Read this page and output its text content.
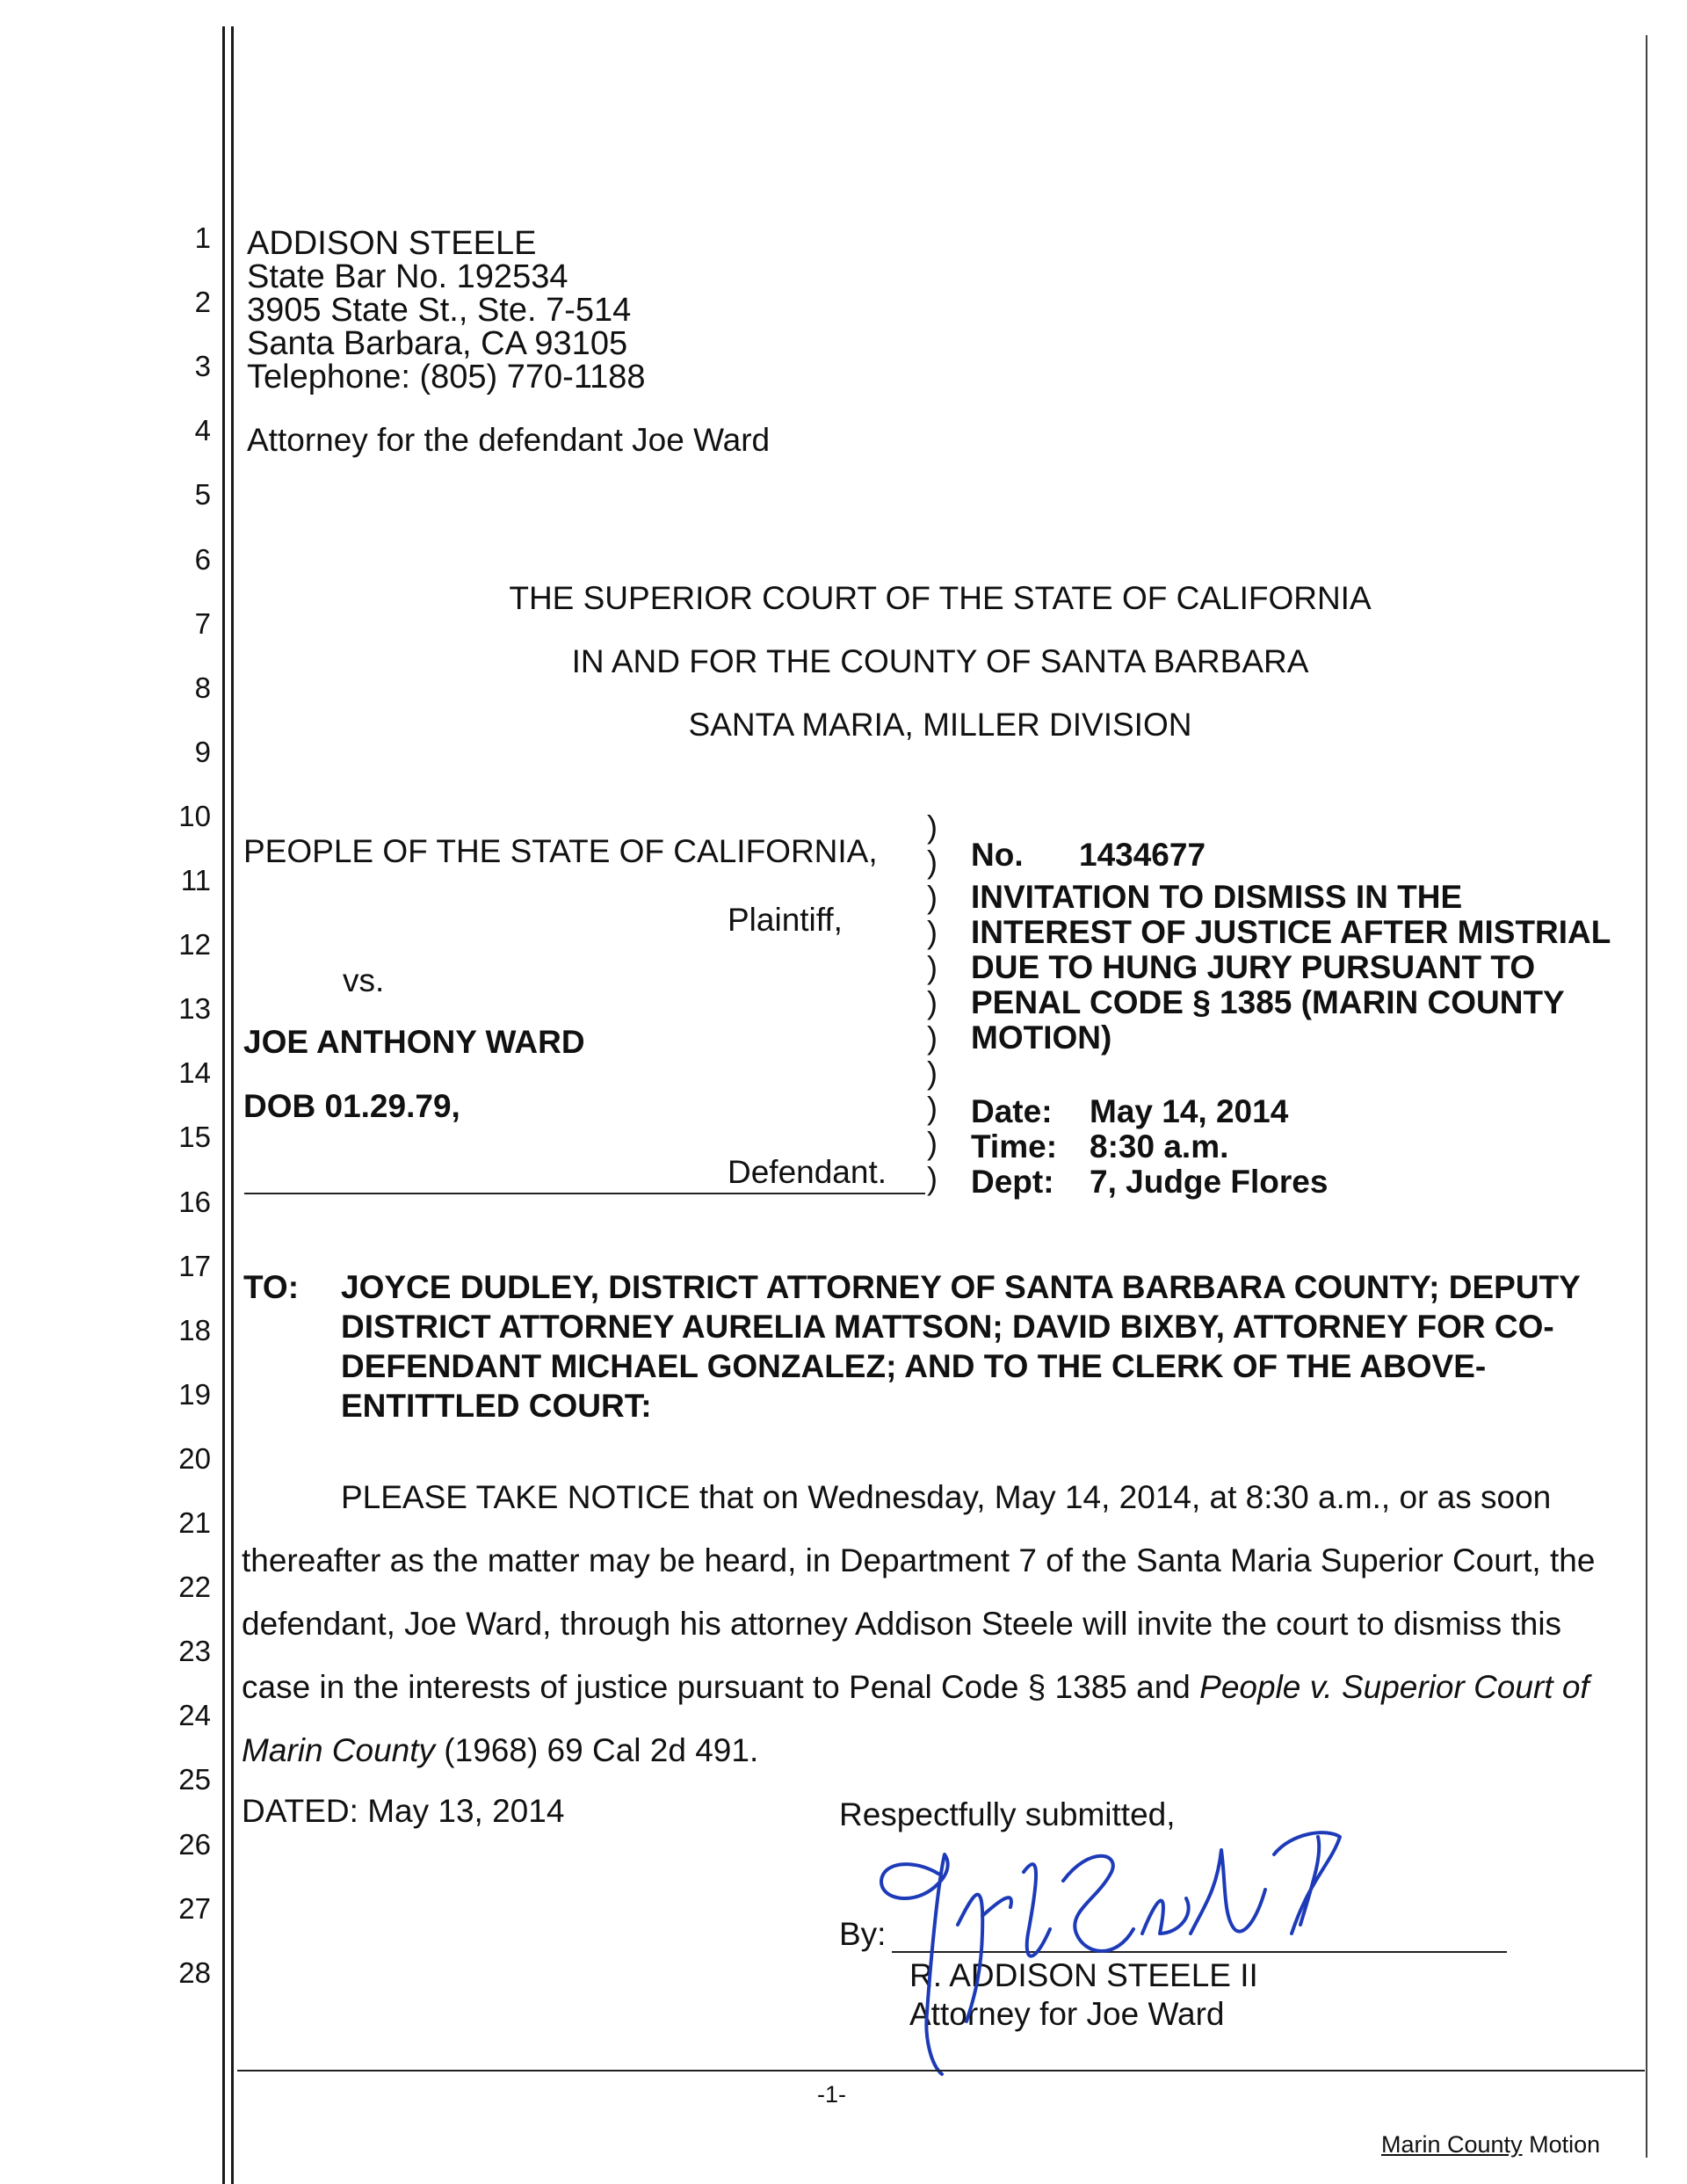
1
2
3
4
5
6
7
8
9
10
11
12
13
14
15
16
17
18
19
20
21
22
23
24
25
26
27
28
ADDISON STEELE
State Bar No. 192534
3905 State St., Ste. 7-514
Santa Barbara, CA 93105
Telephone: (805) 770-1188
Attorney for the defendant Joe Ward
THE SUPERIOR COURT OF THE STATE OF CALIFORNIA
IN AND FOR THE COUNTY OF SANTA BARBARA
SANTA MARIA, MILLER DIVISION
PEOPLE OF THE STATE OF CALIFORNIA,
Plaintiff,
vs.
JOE ANTHONY WARD
DOB 01.29.79,
Defendant.
)
)
)
)
)
)
)
)
)
)
)
No. 1434677
INVITATION TO DISMISS IN THE
INTEREST OF JUSTICE AFTER MISTRIAL
DUE TO HUNG JURY PURSUANT TO
PENAL CODE § 1385 (MARIN COUNTY
MOTION)
Date: May 14, 2014
Time: 8:30 a.m.
Dept: 7, Judge Flores
TO: JOYCE DUDLEY, DISTRICT ATTORNEY OF SANTA BARBARA COUNTY; DEPUTY
DISTRICT ATTORNEY AURELIA MATTSON; DAVID BIXBY, ATTORNEY FOR CO-
DEFENDANT MICHAEL GONZALEZ; AND TO THE CLERK OF THE ABOVE-
ENTITTLED COURT:
PLEASE TAKE NOTICE that on Wednesday, May 14, 2014, at 8:30 a.m., or as soon
thereafter as the matter may be heard, in Department 7 of the Santa Maria Superior Court, the
defendant, Joe Ward, through his attorney Addison Steele will invite the court to dismiss this
case in the interests of justice pursuant to Penal Code § 1385 and People v. Superior Court of
Marin County (1968) 69 Cal 2d 491.
DATED: May 13, 2014	Respectfully submitted,
By:
R. ADDISON STEELE II
Attorney for Joe Ward
-1-
Marin County Motion
